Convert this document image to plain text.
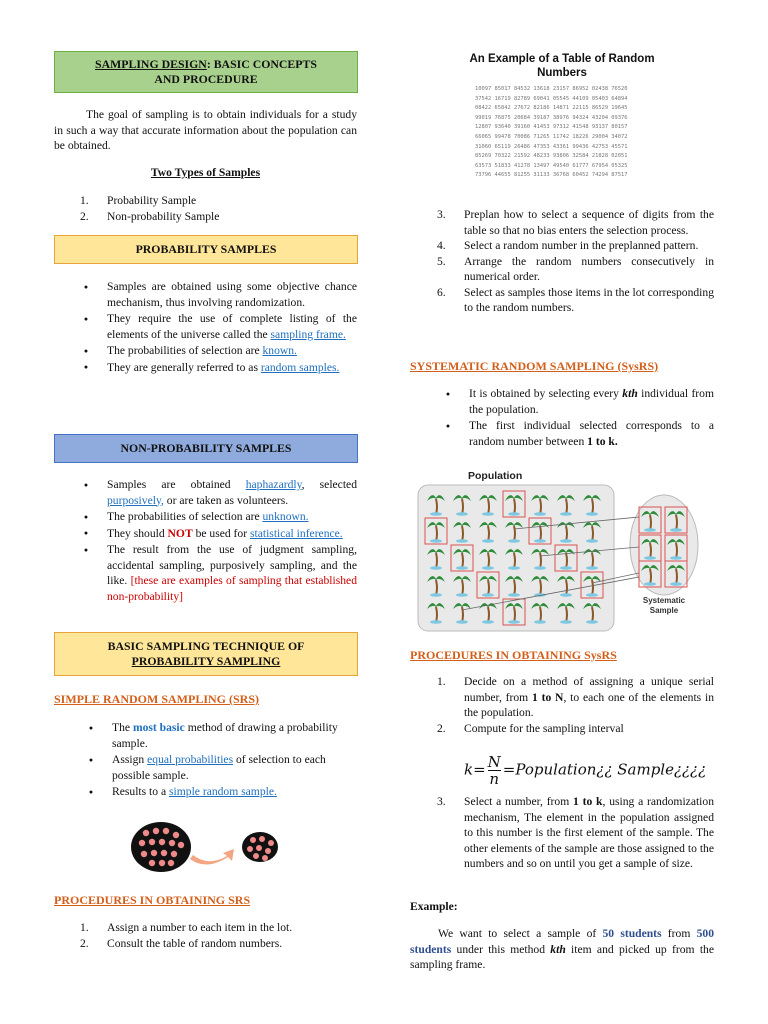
SAMPLING DESIGN: BASIC CONCEPTS
AND PROCEDURE
The goal of sampling is to obtain individuals for a study in such a way that accurate information about the population can be obtained.
Two Types of Samples
1.	Probability Sample
2.	Non-probability Sample
PROBABILITY SAMPLES
●
Samples are obtained using some objective chance mechanism, thus involving randomization.
●
They require the use of complete listing of the elements of the universe called the sampling frame.
●
The probabilities of selection are known.
●
They are generally referred to as random samples.
NON-PROBABILITY SAMPLES
●
Samples are obtained haphazardly, selected purposively, or are taken as volunteers.
●
The probabilities of selection are unknown.
●
They should NOT be used for statistical inference.
●
The result from the use of judgment sampling, accidental sampling, purposively sampling, and the like. [these are examples of sampling that established non-probability]
BASIC SAMPLING TECHNIQUE OF
PROBABILITY SAMPLING
SIMPLE RANDOM SAMPLING (SRS)
●
The most basic method of drawing a probability sample.
●
Assign equal probabilities of selection to each possible sample.
●
Results to a simple random sample.
PROCEDURES IN OBTAINING SRS
1.	Assign a number to each item in the lot.
2.	Consult the table of random numbers.
An Example of a Table of Random
Numbers
10097 85017 84532 13618 23157 86952 02438 76520
37542 16719 82789 69041 05545 44109 05403 64894
08422 65842 27672 82186 14871 22115 86529 19645
99019 76875 20684 39187 38976 94324 43204 09376
12807 93640 39160 41453 97312 41548 93137 80157
66065 99478 70086 71265 11742 18226 29004 34072
31060 65119 26486 47353 43361 99436 42753 45571
85269 70322 21592 48233 93806 32584 21828 02051
63573 51833 41278 13497 49540 61777 67954 05325
73796 44655 81255 31133 36768 60452 74294 87517
3.	Preplan how to select a sequence of digits from the table so that no bias enters the selection process.
4.	Select a random number in the preplanned pattern.
5.	Arrange the random numbers consecutively in numerical order.
6.	Select as samples those items in the lot corresponding to the random numbers.
SYSTEMATIC RANDOM SAMPLING (SysRS)
●
It is obtained by selecting every kth individual from the population.
●
The first individual selected corresponds to a random number between 1 to k.
Population
Systematic
Sample
PROCEDURES IN OBTAINING SysRS
1.	Decide on a method of assigning a unique serial number, from 1 to N, to each one of the elements in the population.
2.	Compute for the sampling interval
$k= \frac{N}{n}$ =Population¿¿ Sample¿¿¿¿
3.	Select a number, from 1 to k, using a randomization mechanism, The element in the population assigned to this number is the first element of the sample. The other elements of the sample are those assigned to the numbers and so on until you get a sample of size.
Example:
We want to select a sample of 50 students from 500 students under this method kth item and picked up from the sampling frame.
